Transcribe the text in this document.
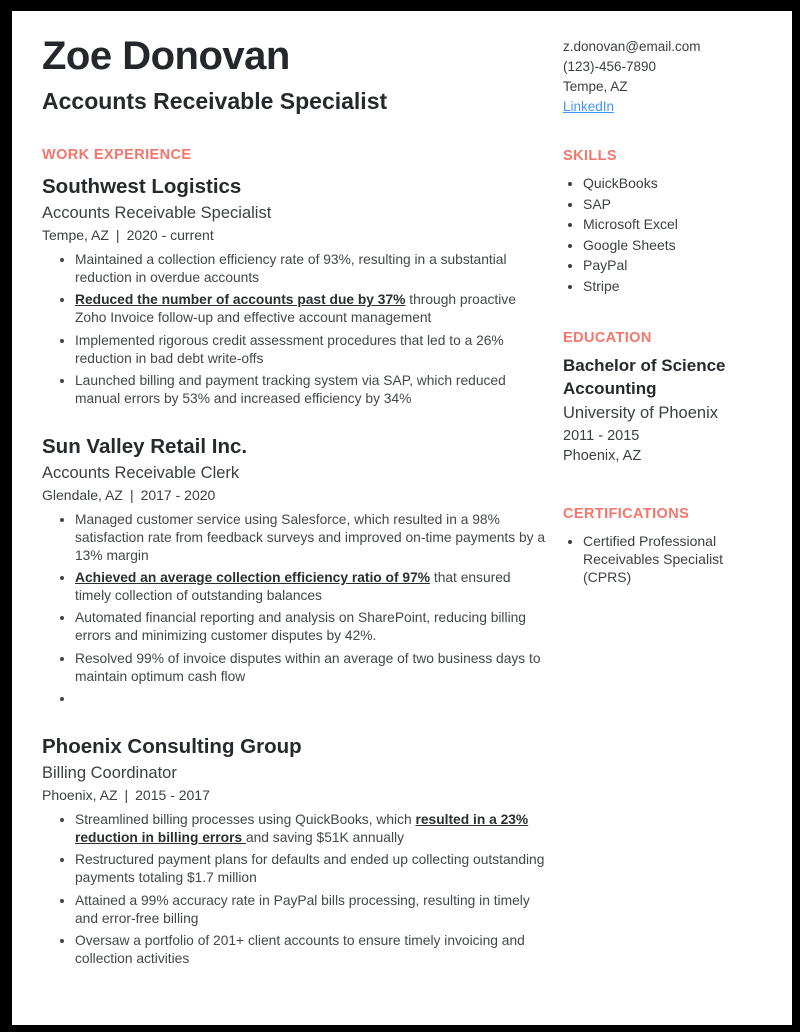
Zoe Donovan
Accounts Receivable Specialist
WORK EXPERIENCE
Southwest Logistics
Accounts Receivable Specialist
Tempe, AZ | 2020 - current
• Maintained a collection efficiency rate of 93%, resulting in a substantial reduction in overdue accounts
• Reduced the number of accounts past due by 37% through proactive Zoho Invoice follow-up and effective account management
• Implemented rigorous credit assessment procedures that led to a 26% reduction in bad debt write-offs
• Launched billing and payment tracking system via SAP, which reduced manual errors by 53% and increased efficiency by 34%
Sun Valley Retail Inc.
Accounts Receivable Clerk
Glendale, AZ | 2017 - 2020
• Managed customer service using Salesforce, which resulted in a 98% satisfaction rate from feedback surveys and improved on-time payments by a 13% margin
• Achieved an average collection efficiency ratio of 97% that ensured timely collection of outstanding balances
• Automated financial reporting and analysis on SharePoint, reducing billing errors and minimizing customer disputes by 42%.
• Resolved 99% of invoice disputes within an average of two business days to maintain optimum cash flow
•
Phoenix Consulting Group
Billing Coordinator
Phoenix, AZ | 2015 - 2017
• Streamlined billing processes using QuickBooks, which resulted in a 23% reduction in billing errors and saving $51K annually
• Restructured payment plans for defaults and ended up collecting outstanding payments totaling $1.7 million
• Attained a 99% accuracy rate in PayPal bills processing, resulting in timely and error-free billing
• Oversaw a portfolio of 201+ client accounts to ensure timely invoicing and collection activities
z.donovan@email.com
(123)-456-7890
Tempe, AZ
LinkedIn
SKILLS
• QuickBooks
• SAP
• Microsoft Excel
• Google Sheets
• PayPal
• Stripe
EDUCATION
Bachelor of Science Accounting
University of Phoenix
2011 - 2015
Phoenix, AZ
CERTIFICATIONS
• Certified Professional Receivables Specialist (CPRS)
